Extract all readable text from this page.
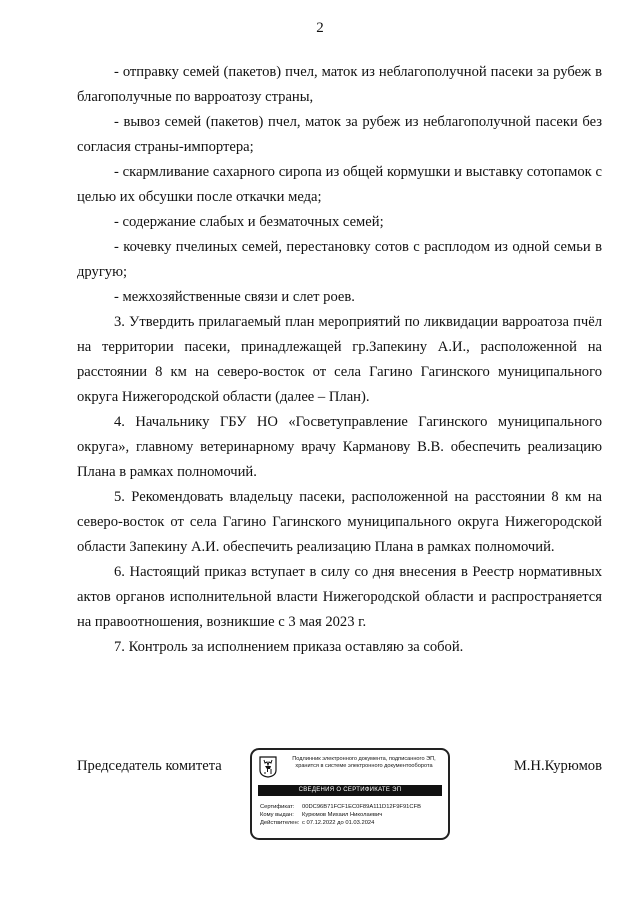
2

- отправку семей (пакетов) пчел, маток из неблагополучной пасеки за рубеж в благополучные по варроатозу страны,

- вывоз семей (пакетов) пчел, маток за рубеж из неблагополучной пасеки без согласия страны-импортера;

- скармливание сахарного сиропа из общей кормушки и выставку сотопамок с целью их обсушки после откачки меда;

- содержание слабых и безматочных семей;

- кочевку пчелиных семей, перестановку сотов с расплодом из одной семьи в другую;

- межхозяйственные связи и слет роев.

3. Утвердить прилагаемый план мероприятий по ликвидации варроатоза пчёл на территории пасеки, принадлежащей гр.Запекину А.И., расположенной на расстоянии 8 км на северо-восток от села Гагино Гагинского муниципального округа Нижегородской области (далее – План).

4. Начальнику ГБУ НО «Госветуправление Гагинского муниципального округа», главному ветеринарному врачу Карманову В.В. обеспечить реализацию Плана в рамках полномочий.

5. Рекомендовать владельцу пасеки, расположенной на расстоянии 8 км на северо-восток от села Гагино Гагинского муниципального округа Нижегородской области Запекину А.И. обеспечить реализацию Плана в рамках полномочий.

6. Настоящий приказ вступает в силу со дня внесения в Реестр нормативных актов органов исполнительной власти Нижегородской области и распространяется на правоотношения, возникшие с 3 мая 2023 г.

7. Контроль за исполнением приказа оставляю за собой.

Председатель комитета	Подлинник электронного документа, подписанного ЭП, хранится в системе электронного документооборота
СВЕДЕНИЯ О СЕРТИФИКАТЕ ЭП
Сертификат: 00DC96B71FCF1EC0F89A111D12F9F91CFB
Кому выдан: Курюмов Михаил Николаевич
Действителен: с 07.12.2022 до 01.03.2024
М.Н.Курюмов
